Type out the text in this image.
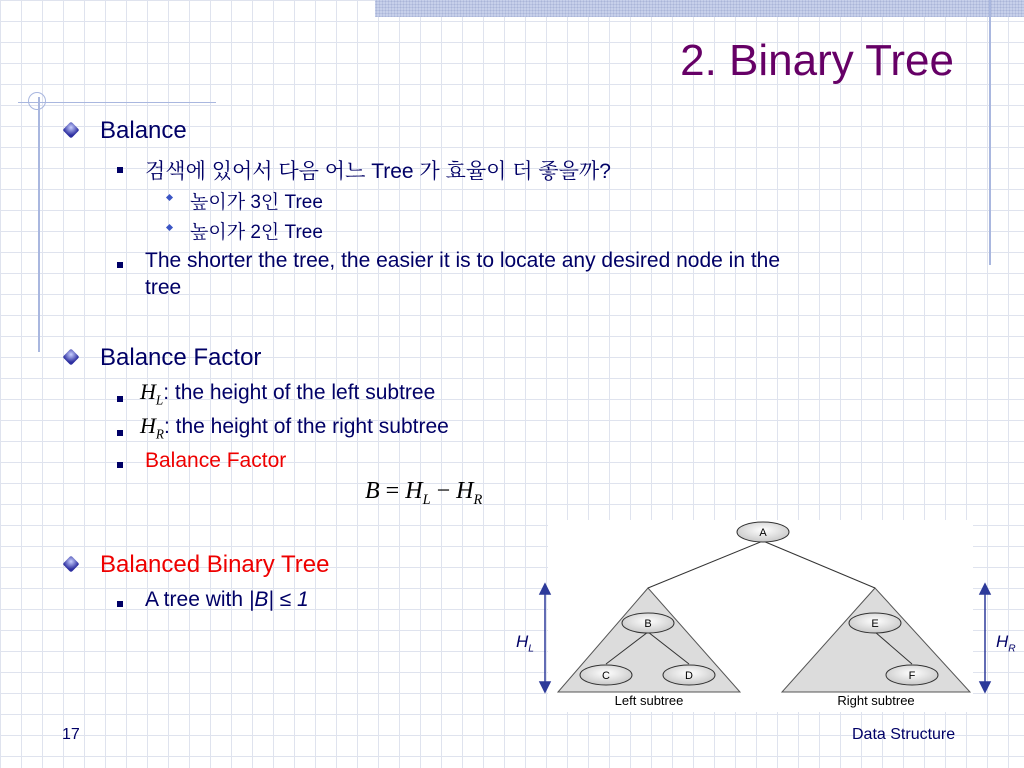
2. Binary Tree
Balance
검색에 있어서 다음 어느 Tree 가 효율이 더 좋을까?
높이가 3인 Tree
높이가 2인 Tree
The shorter the tree, the easier it is to locate any desired node in the
tree
Balance Factor
$H_L$: the height of the left subtree
$H_R$: the height of the right subtree
Balance Factor
$B = H_L - H_R$
Balanced Binary Tree
A tree with |B| ≤ 1
A
B	E
C	D	F
Left subtree	Right subtree
$H_L$	$H_R$
17	Data Structure
